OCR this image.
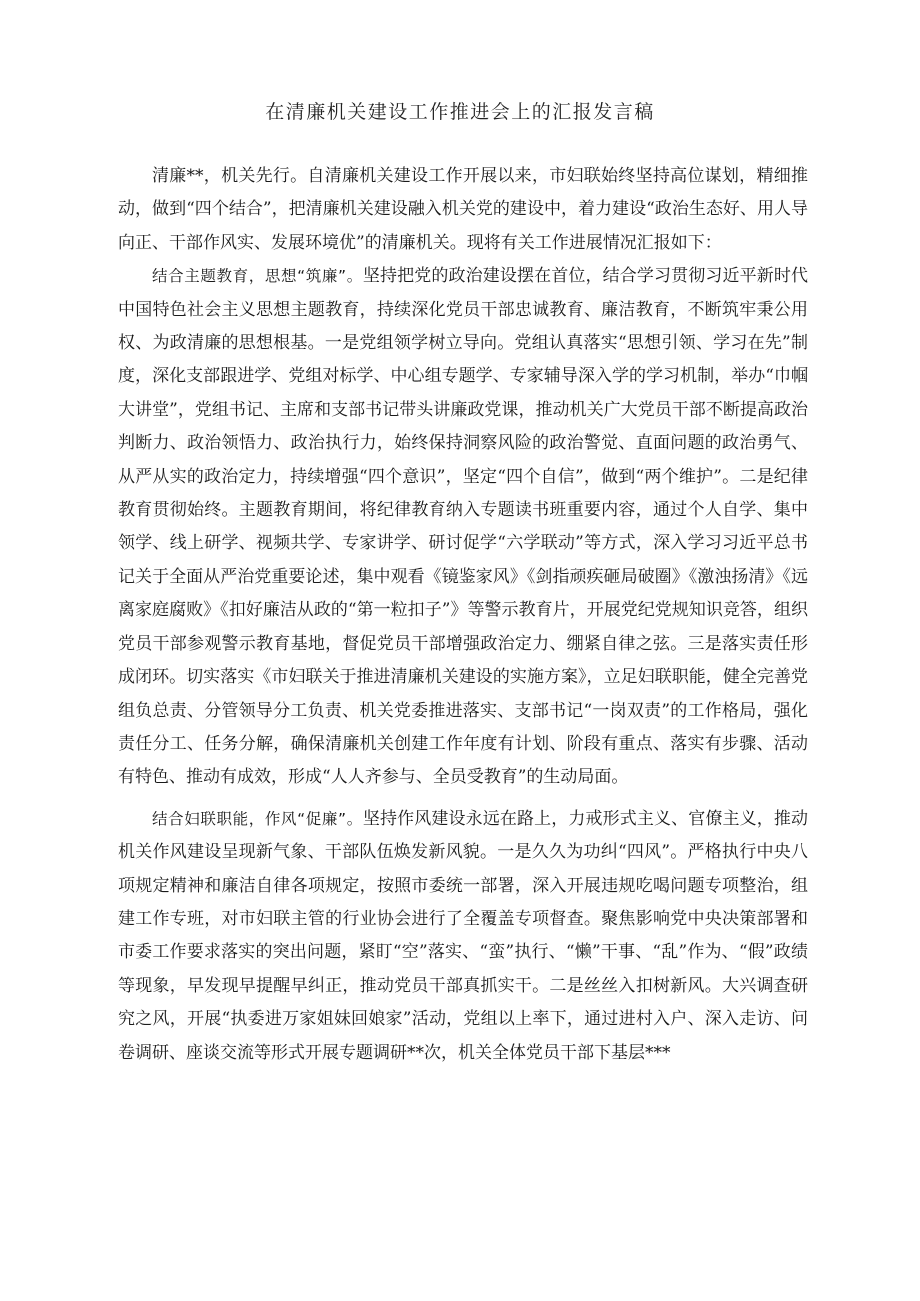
在清廉机关建设工作推进会上的汇报发言稿

清廉**，机关先行。自清廉机关建设工作开展以来，市妇联始终坚持高位谋划，精细推动，做到“四个结合”，把清廉机关建设融入机关党的建设中，着力建设“政治生态好、用人导向正、干部作风实、发展环境优”的清廉机关。现将有关工作进展情况汇报如下：

结合主题教育，思想“筑廉”。坚持把党的政治建设摆在首位，结合学习贯彻习近平新时代中国特色社会主义思想主题教育，持续深化党员干部忠诚教育、廉洁教育，不断筑牢秉公用权、为政清廉的思想根基。一是党组领学树立导向。党组认真落实“思想引领、学习在先”制度，深化支部跟进学、党组对标学、中心组专题学、专家辅导深入学的学习机制，举办“巾帼大讲堂”，党组书记、主席和支部书记带头讲廉政党课，推动机关广大党员干部不断提高政治判断力、政治领悟力、政治执行力，始终保持洞察风险的政治警觉、直面问题的政治勇气、从严从实的政治定力，持续增强“四个意识”，坚定“四个自信”，做到“两个维护”。二是纪律教育贯彻始终。主题教育期间，将纪律教育纳入专题读书班重要内容，通过个人自学、集中领学、线上研学、视频共学、专家讲学、研讨促学“六学联动”等方式，深入学习习近平总书记关于全面从严治党重要论述，集中观看《镜鉴家风》《剑指顽疾砸局破圈》《激浊扬清》《远离家庭腐败》《扣好廉洁从政的“第一粒扣子”》等警示教育片，开展党纪党规知识竞答，组织党员干部参观警示教育基地，督促党员干部增强政治定力、绷紧自律之弦。三是落实责任形成闭环。切实落实《市妇联关于推进清廉机关建设的实施方案》，立足妇联职能，健全完善党组负总责、分管领导分工负责、机关党委推进落实、支部书记“一岗双责”的工作格局，强化责任分工、任务分解，确保清廉机关创建工作年度有计划、阶段有重点、落实有步骤、活动有特色、推动有成效，形成“人人齐参与、全员受教育”的生动局面。

结合妇联职能，作风“促廉”。坚持作风建设永远在路上，力戒形式主义、官僚主义，推动机关作风建设呈现新气象、干部队伍焕发新风貌。一是久久为功纠“四风”。严格执行中央八项规定精神和廉洁自律各项规定，按照市委统一部署，深入开展违规吃喝问题专项整治，组建工作专班，对市妇联主管的行业协会进行了全覆盖专项督查。聚焦影响党中央决策部署和市委工作要求落实的突出问题，紧盯“空”落实、“蛮”执行、“懒”干事、“乱”作为、“假”政绩等现象，早发现早提醒早纠正，推动党员干部真抓实干。二是丝丝入扣树新风。大兴调查研究之风，开展“执委进万家姐妹回娘家”活动，党组以上率下，通过进村入户、深入走访、问卷调研、座谈交流等形式开展专题调研**次，机关全体党员干部下基层***
